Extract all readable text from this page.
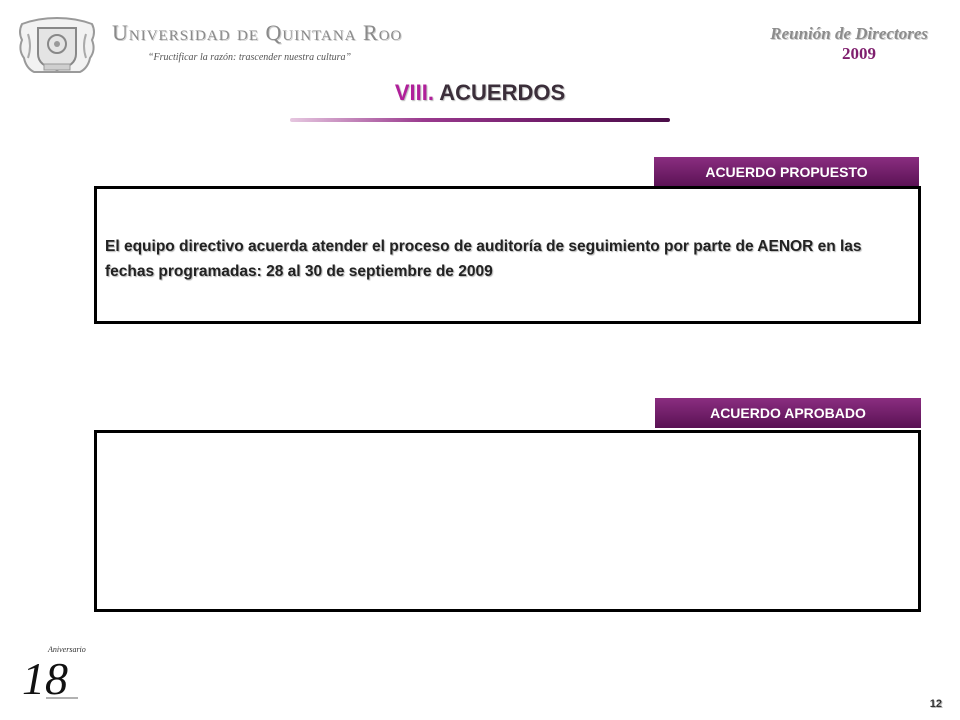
Universidad de Quintana Roo
“Fructificar la razón: trascender nuestra cultura”
Reunión de Directores
2009
VIII. ACUERDOS
ACUERDO PROPUESTO
El equipo directivo acuerda atender el proceso de auditoría de seguimiento por parte de AENOR en las fechas programadas: 28 al 30 de septiembre de 2009
ACUERDO APROBADO
Aniversario
18	12
